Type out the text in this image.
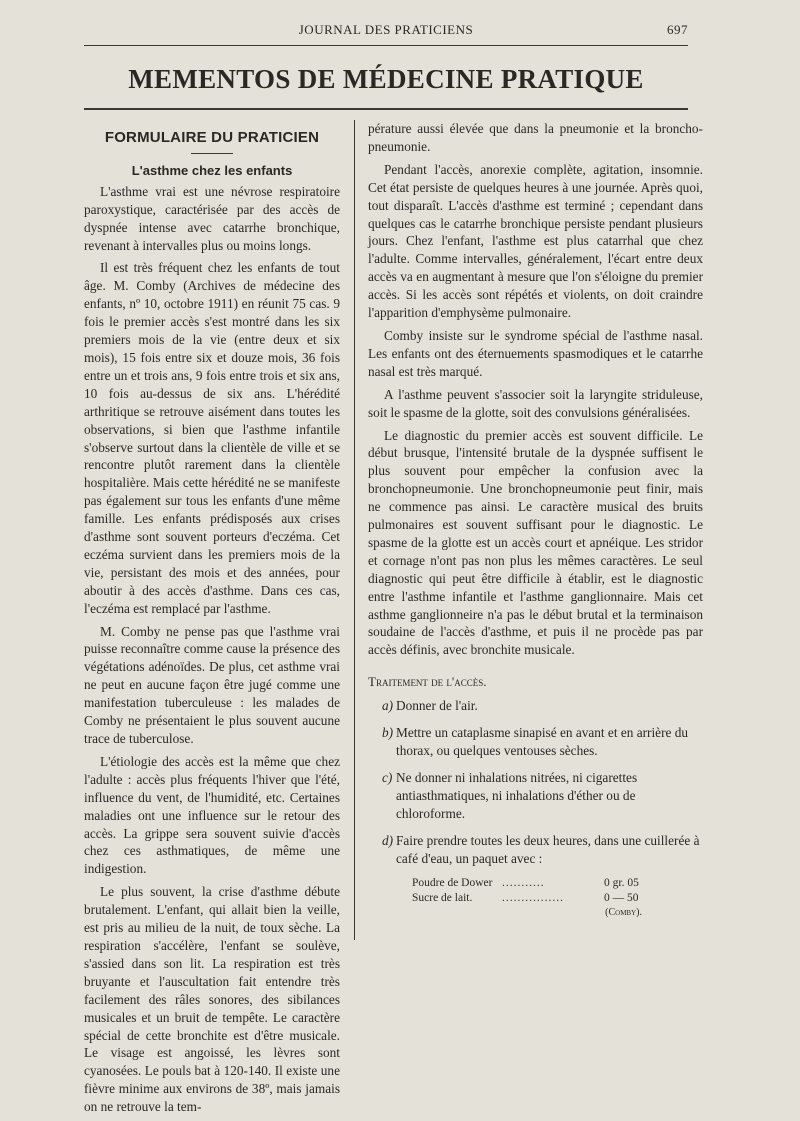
JOURNAL DES PRATICIENS	697
MEMENTOS DE MÉDECINE PRATIQUE
FORMULAIRE DU PRATICIEN
L'asthme chez les enfants

L'asthme vrai est une névrose respiratoire paroxystique, caractérisée par des accès de dyspnée intense avec catarrhe bronchique, revenant à intervalles plus ou moins longs.

Il est très fréquent chez les enfants de tout âge. M. Comby (Archives de médecine des enfants, nº 10, octobre 1911) en réunit 75 cas. 9 fois le premier accès s'est montré dans les six premiers mois de la vie (entre deux et six mois), 15 fois entre six et douze mois, 36 fois entre un et trois ans, 9 fois entre trois et six ans, 10 fois au-dessus de six ans. L'hérédité arthritique se retrouve aisément dans toutes les observations, si bien que l'asthme infantile s'observe surtout dans la clientèle de ville et se rencontre plutôt rarement dans la clientèle hospitalière. Mais cette hérédité ne se manifeste pas également sur tous les enfants d'une même famille. Les enfants prédisposés aux crises d'asthme sont souvent porteurs d'eczéma. Cet eczéma survient dans les premiers mois de la vie, persistant des mois et des années, pour aboutir à des accès d'asthme. Dans ces cas, l'eczéma est remplacé par l'asthme.

M. Comby ne pense pas que l'asthme vrai puisse reconnaître comme cause la présence des végétations adénoïdes. De plus, cet asthme vrai ne peut en aucune façon être jugé comme une manifestation tuberculeuse : les malades de Comby ne présentaient le plus souvent aucune trace de tuberculose.

L'étiologie des accès est la même que chez l'adulte : accès plus fréquents l'hiver que l'été, influence du vent, de l'humidité, etc. Certaines maladies ont une influence sur le retour des accès. La grippe sera souvent suivie d'accès chez ces asthmatiques, de même une indigestion.

Le plus souvent, la crise d'asthme débute brutalement. L'enfant, qui allait bien la veille, est pris au milieu de la nuit, de toux sèche. La respiration s'accélère, l'enfant se soulève, s'assied dans son lit. La respiration est très bruyante et l'auscultation fait entendre très facilement des râles sonores, des sibilances musicales et un bruit de tempête. Le caractère spécial de cette bronchite est d'être musicale. Le visage est angoissé, les lèvres sont cyanosées. Le pouls bat à 120-140. Il existe une fièvre minime aux environs de 38º, mais jamais on ne retrouve la tem-

pérature aussi élevée que dans la pneumonie et la broncho-pneumonie.

Pendant l'accès, anorexie complète, agitation, insomnie. Cet état persiste de quelques heures à une journée. Après quoi, tout disparaît. L'accès d'asthme est terminé ; cependant dans quelques cas le catarrhe bronchique persiste pendant plusieurs jours. Chez l'enfant, l'asthme est plus catarrhal que chez l'adulte. Comme intervalles, généralement, l'écart entre deux accès va en augmentant à mesure que l'on s'éloigne du premier accès. Si les accès sont répétés et violents, on doit craindre l'apparition d'emphysème pulmonaire.

Comby insiste sur le syndrome spécial de l'asthme nasal. Les enfants ont des éternuements spasmodiques et le catarrhe nasal est très marqué.

A l'asthme peuvent s'associer soit la laryngite striduleuse, soit le spasme de la glotte, soit des convulsions généralisées.

Le diagnostic du premier accès est souvent difficile. Le début brusque, l'intensité brutale de la dyspnée suffisent le plus souvent pour empêcher la confusion avec la bronchopneumonie. Une bronchopneumonie peut finir, mais ne commence pas ainsi. Le caractère musical des bruits pulmonaires est souvent suffisant pour le diagnostic. Le spasme de la glotte est un accès court et apnéique. Les stridor et cornage n'ont pas non plus les mêmes caractères. Le seul diagnostic qui peut être difficile à établir, est le diagnostic entre l'asthme infantile et l'asthme ganglionnaire. Mais cet asthme ganglionneire n'a pas le début brutal et la terminaison soudaine de l'accès d'asthme, et puis il ne procède pas par accès définis, avec bronchite musicale.

Traitement de l'accès.
a) Donner de l'air.
b) Mettre un cataplasme sinapisé en avant et en arrière du thorax, ou quelques ventouses sèches.
c) Ne donner ni inhalations nitrées, ni cigarettes antiasthmatiques, ni inhalations d'éther ou de chloroforme.
d) Faire prendre toutes les deux heures, dans une cuillerée à café d'eau, un paquet avec :
Poudre de Dower ...........	0 gr. 05
Sucre de lait.	................	0 — 50
(Comby).
